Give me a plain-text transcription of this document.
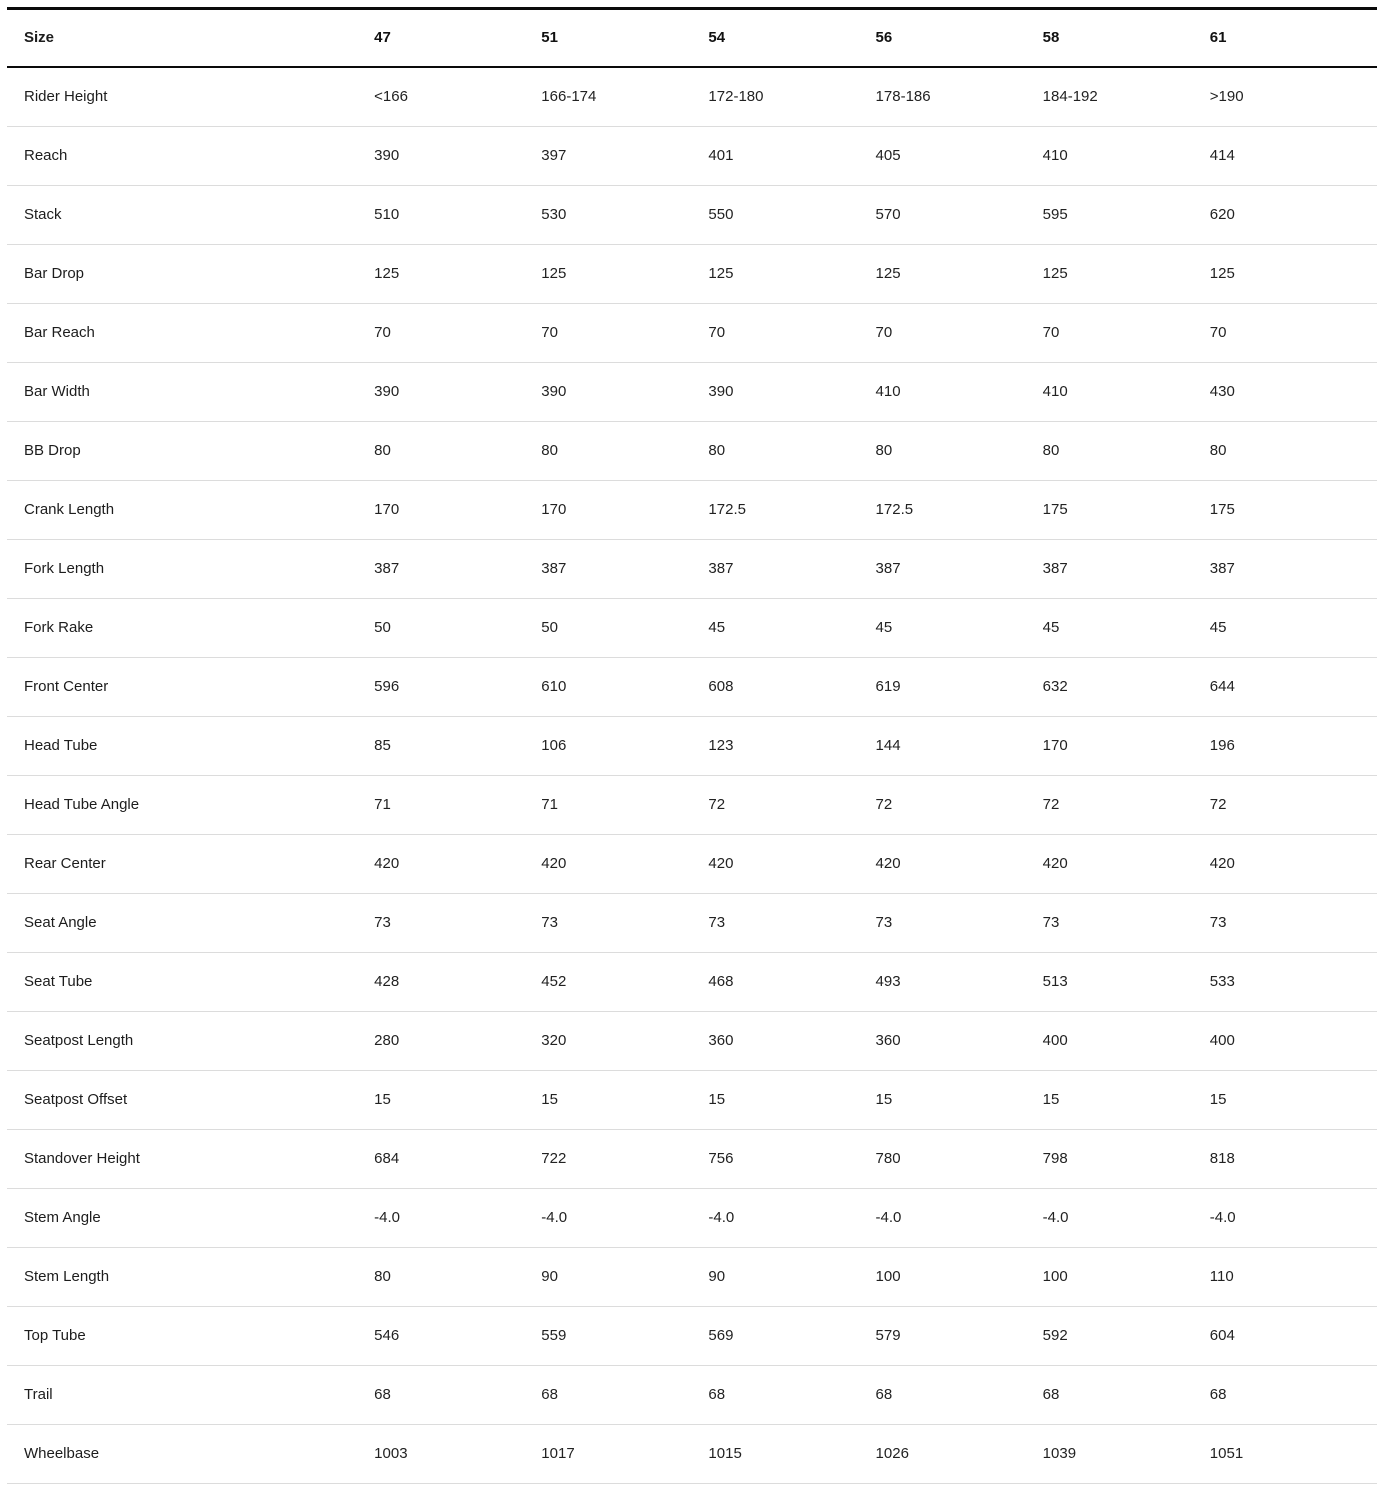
Size	47	51	54	56	58	61
Rider Height	<166	166-174	172-180	178-186	184-192	>190
Reach	390	397	401	405	410	414
Stack	510	530	550	570	595	620
Bar Drop	125	125	125	125	125	125
Bar Reach	70	70	70	70	70	70
Bar Width	390	390	390	410	410	430
BB Drop	80	80	80	80	80	80
Crank Length	170	170	172.5	172.5	175	175
Fork Length	387	387	387	387	387	387
Fork Rake	50	50	45	45	45	45
Front Center	596	610	608	619	632	644
Head Tube	85	106	123	144	170	196
Head Tube Angle	71	71	72	72	72	72
Rear Center	420	420	420	420	420	420
Seat Angle	73	73	73	73	73	73
Seat Tube	428	452	468	493	513	533
Seatpost Length	280	320	360	360	400	400
Seatpost Offset	15	15	15	15	15	15
Standover Height	684	722	756	780	798	818
Stem Angle	-4.0	-4.0	-4.0	-4.0	-4.0	-4.0
Stem Length	80	90	90	100	100	110
Top Tube	546	559	569	579	592	604
Trail	68	68	68	68	68	68
Wheelbase	1003	1017	1015	1026	1039	1051
